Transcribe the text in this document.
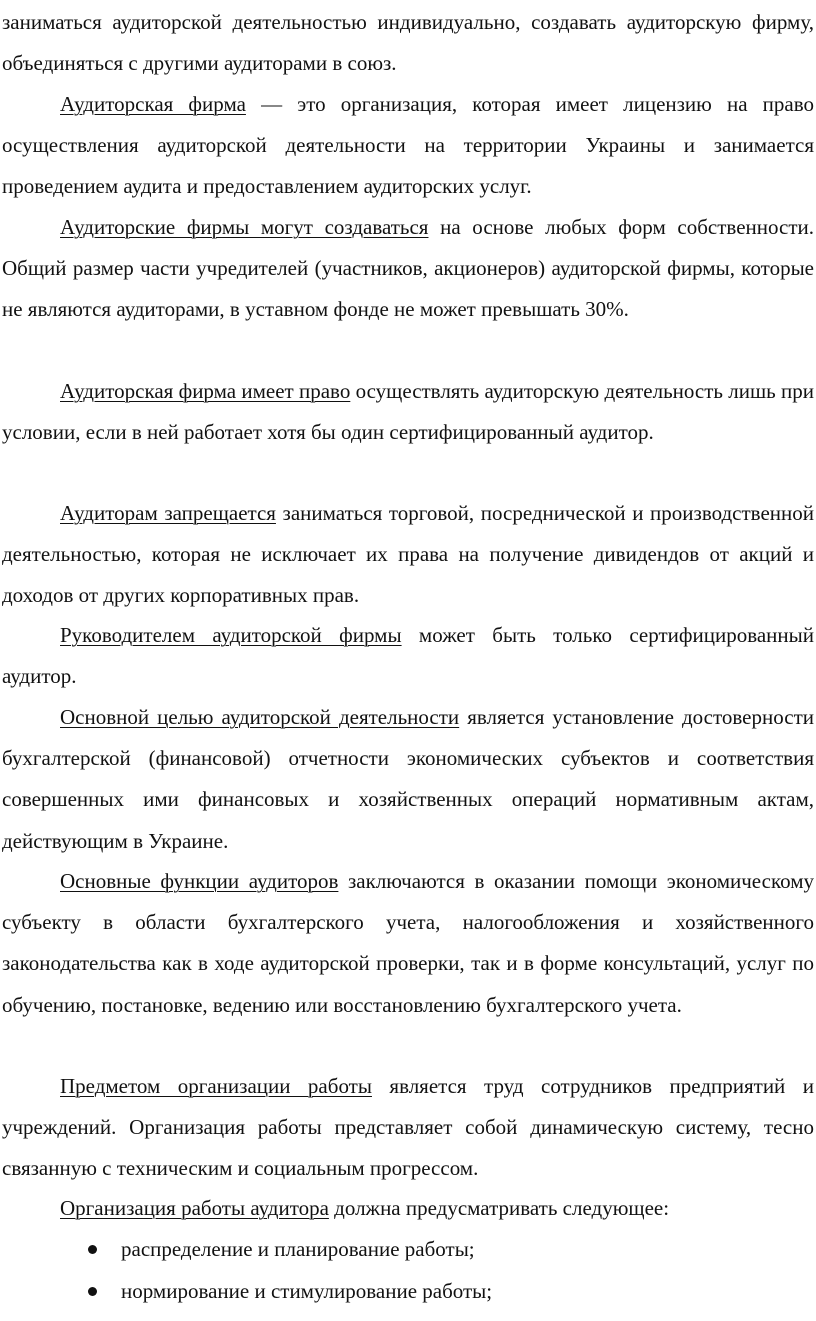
заниматься аудиторской деятельностью индивидуально, создавать аудиторскую фирму, объединяться с другими аудиторами в союз.

Аудиторская фирма — это организация, которая имеет лицензию на право осуществления аудиторской деятельности на территории Украины и занимается проведением аудита и предоставлением аудиторских услуг.

Аудиторские фирмы могут создаваться на основе любых форм собственности. Общий размер части учредителей (участников, акционеров) аудиторской фирмы, которые не являются аудиторами, в уставном фонде не может превышать 30%.

Аудиторская фирма имеет право осуществлять аудиторскую деятельность лишь при условии, если в ней работает хотя бы один сертифицированный аудитор.

Аудиторам запрещается заниматься торговой, посреднической и производственной деятельностью, которая не исключает их права на получение дивидендов от акций и доходов от других корпоративных прав.

Руководителем аудиторской фирмы может быть только сертифицированный аудитор.

Основной целью аудиторской деятельности является установление достоверности бухгалтерской (финансовой) отчетности экономических субъектов и соответствия совершенных ими финансовых и хозяйственных операций нормативным актам, действующим в Украине.

Основные функции аудиторов заключаются в оказании помощи экономическому субъекту в области бухгалтерского учета, налогообложения и хозяйственного законодательства как в ходе аудиторской проверки, так и в форме консультаций, услуг по обучению, постановке, ведению или восстановлению бухгалтерского учета.

Предметом организации работы является труд сотрудников предприятий и учреждений. Организация работы представляет собой динамическую систему, тесно связанную с техническим и социальным прогрессом.

Организация работы аудитора должна предусматривать следующее:

распределение и планирование работы;
нормирование и стимулирование работы;
